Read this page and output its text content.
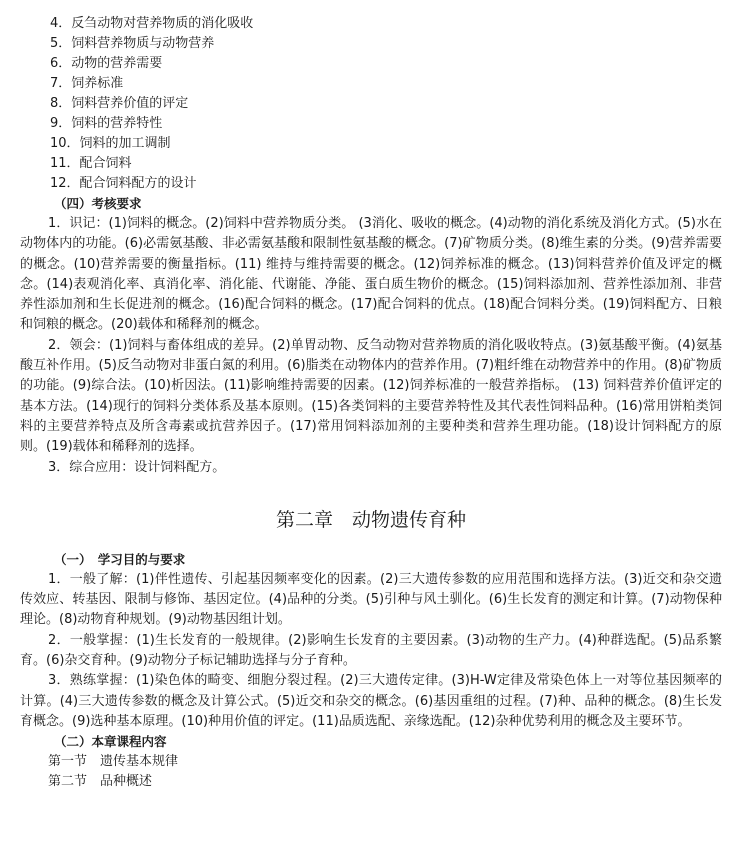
4．反刍动物对营养物质的消化吸收
5．饲料营养物质与动物营养
6．动物的营养需要
7．饲养标准
8．饲料营养价值的评定
9．饲料的营养特性
10．饲料的加工调制
11．配合饲料
12．配合饲料配方的设计
（四）考核要求

1．识记：(1)饲料的概念。(2)饲料中营养物质分类。 (3消化、吸收的概念。(4)动物的消化系统及消化方式。(5)水在动物体内的功能。(6)必需氨基酸、非必需氨基酸和限制性氨基酸的概念。(7)矿物质分类。(8)维生素的分类。(9)营养需要的概念。(10)营养需要的衡量指标。(11) 维持与维持需要的概念。(12)饲养标准的概念。(13)饲料营养价值及评定的概念。(14)表观消化率、真消化率、消化能、代谢能、净能、蛋白质生物价的概念。(15)饲料添加剂、营养性添加剂、非营养性添加剂和生长促进剂的概念。(16)配合饲料的概念。(17)配合饲料的优点。(18)配合饲料分类。(19)饲料配方、日粮和饲粮的概念。(20)载体和稀释剂的概念。

2．领会：(1)饲料与畜体组成的差异。(2)单胃动物、反刍动物对营养物质的消化吸收特点。(3)氨基酸平衡。(4)氨基酸互补作用。(5)反刍动物对非蛋白氮的利用。(6)脂类在动物体内的营养作用。(7)粗纤维在动物营养中的作用。(8)矿物质的功能。(9)综合法。(10)析因法。(11)影响维持需要的因素。(12)饲养标准的一般营养指标。 (13) 饲料营养价值评定的基本方法。(14)现行的饲料分类体系及基本原则。(15)各类饲料的主要营养特性及其代表性饲料品种。(16)常用饼粕类饲料的主要营养特点及所含毒素或抗营养因子。(17)常用饲料添加剂的主要种类和营养生理功能。(18)设计饲料配方的原则。(19)载体和稀释剂的选择。

3．综合应用：设计饲料配方。

第二章　动物遗传育种
（一）　学习目的与要求

1．一般了解：(1)伴性遗传、引起基因频率变化的因素。(2)三大遗传参数的应用范围和选择方法。(3)近交和杂交遗传效应、转基因、限制与修饰、基因定位。(4)品种的分类。(5)引种与风土驯化。(6)生长发育的测定和计算。(7)动物保种理论。(8)动物育种规划。(9)动物基因组计划。

2．一般掌握：(1)生长发育的一般规律。(2)影响生长发育的主要因素。(3)动物的生产力。(4)种群选配。(5)品系繁育。(6)杂交育种。(9)动物分子标记辅助选择与分子育种。

3．熟练掌握：(1)染色体的畸变、细胞分裂过程。(2)三大遗传定律。(3)H-W定律及常染色体上一对等位基因频率的计算。(4)三大遗传参数的概念及计算公式。(5)近交和杂交的概念。(6)基因重组的过程。(7)种、品种的概念。(8)生长发育概念。(9)选种基本原理。(10)种用价值的评定。(11)品质选配、亲缘选配。(12)杂种优势利用的概念及主要环节。

（二）本章课程内容
第一节　遗传基本规律
第二节　品种概述
